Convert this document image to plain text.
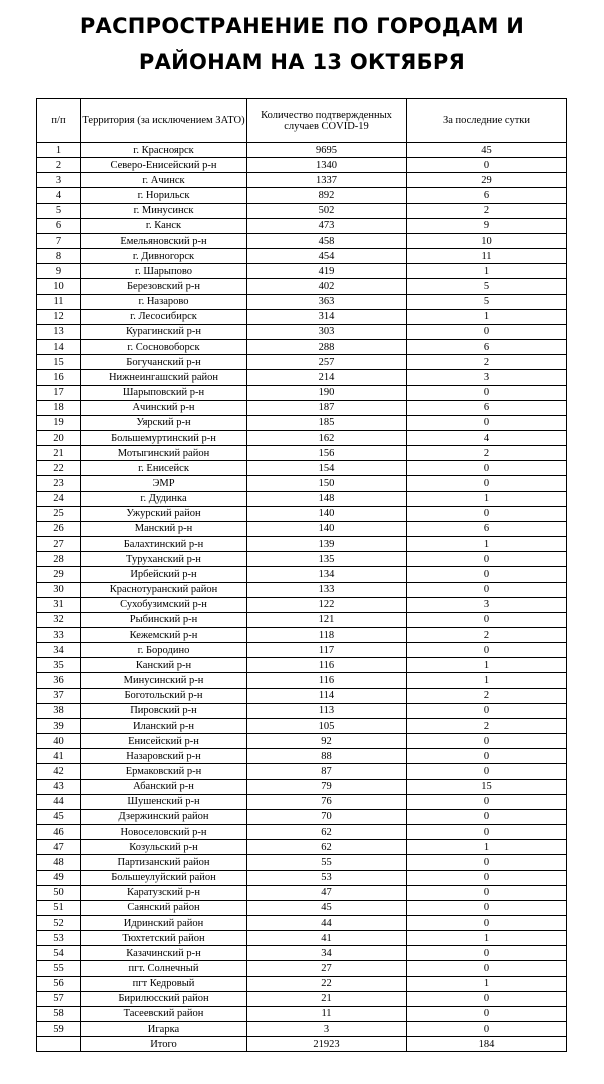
РАСПРОСТРАНЕНИЕ ПО ГОРОДАМ И
РАЙОНАМ НА 13 ОКТЯБРЯ
п/п	Территория (за исключением ЗАТО)	Количество подтвержденных случаев COVID-19	За последние сутки
1	г. Красноярск	9695	45
2	Северо-Енисейский р-н	1340	0
3	г. Ачинск	1337	29
4	г. Норильск	892	6
5	г. Минусинск	502	2
6	г. Канск	473	9
7	Емельяновский р-н	458	10
8	г. Дивногорск	454	11
9	г. Шарыпово	419	1
10	Березовский р-н	402	5
11	г. Назарово	363	5
12	г. Лесосибирск	314	1
13	Курагинский р-н	303	0
14	г. Сосновоборск	288	6
15	Богучанский р-н	257	2
16	Нижнеингашский район	214	3
17	Шарыповский р-н	190	0
18	Ачинский р-н	187	6
19	Уярский р-н	185	0
20	Большемуртинский р-н	162	4
21	Мотыгинский район	156	2
22	г. Енисейск	154	0
23	ЭМР	150	0
24	г. Дудинка	148	1
25	Ужурский район	140	0
26	Манский р-н	140	6
27	Балахтинский р-н	139	1
28	Туруханский р-н	135	0
29	Ирбейский р-н	134	0
30	Краснотуранский район	133	0
31	Сухобузимский р-н	122	3
32	Рыбинский р-н	121	0
33	Кежемский р-н	118	2
34	г. Бородино	117	0
35	Канский р-н	116	1
36	Минусинский р-н	116	1
37	Боготольский р-н	114	2
38	Пировский р-н	113	0
39	Иланский р-н	105	2
40	Енисейский р-н	92	0
41	Назаровский р-н	88	0
42	Ермаковский р-н	87	0
43	Абанский р-н	79	15
44	Шушенский р-н	76	0
45	Дзержинский район	70	0
46	Новоселовский р-н	62	0
47	Козульский р-н	62	1
48	Партизанский район	55	0
49	Большеулуйский район	53	0
50	Каратузский р-н	47	0
51	Саянский район	45	0
52	Идринский район	44	0
53	Тюхтетский район	41	1
54	Казачинский р-н	34	0
55	пгт. Солнечный	27	0
56	пгт Кедровый	22	1
57	Бирилюсский район	21	0
58	Тасеевский район	11	0
59	Игарка	3	0
	Итого	21923	184
